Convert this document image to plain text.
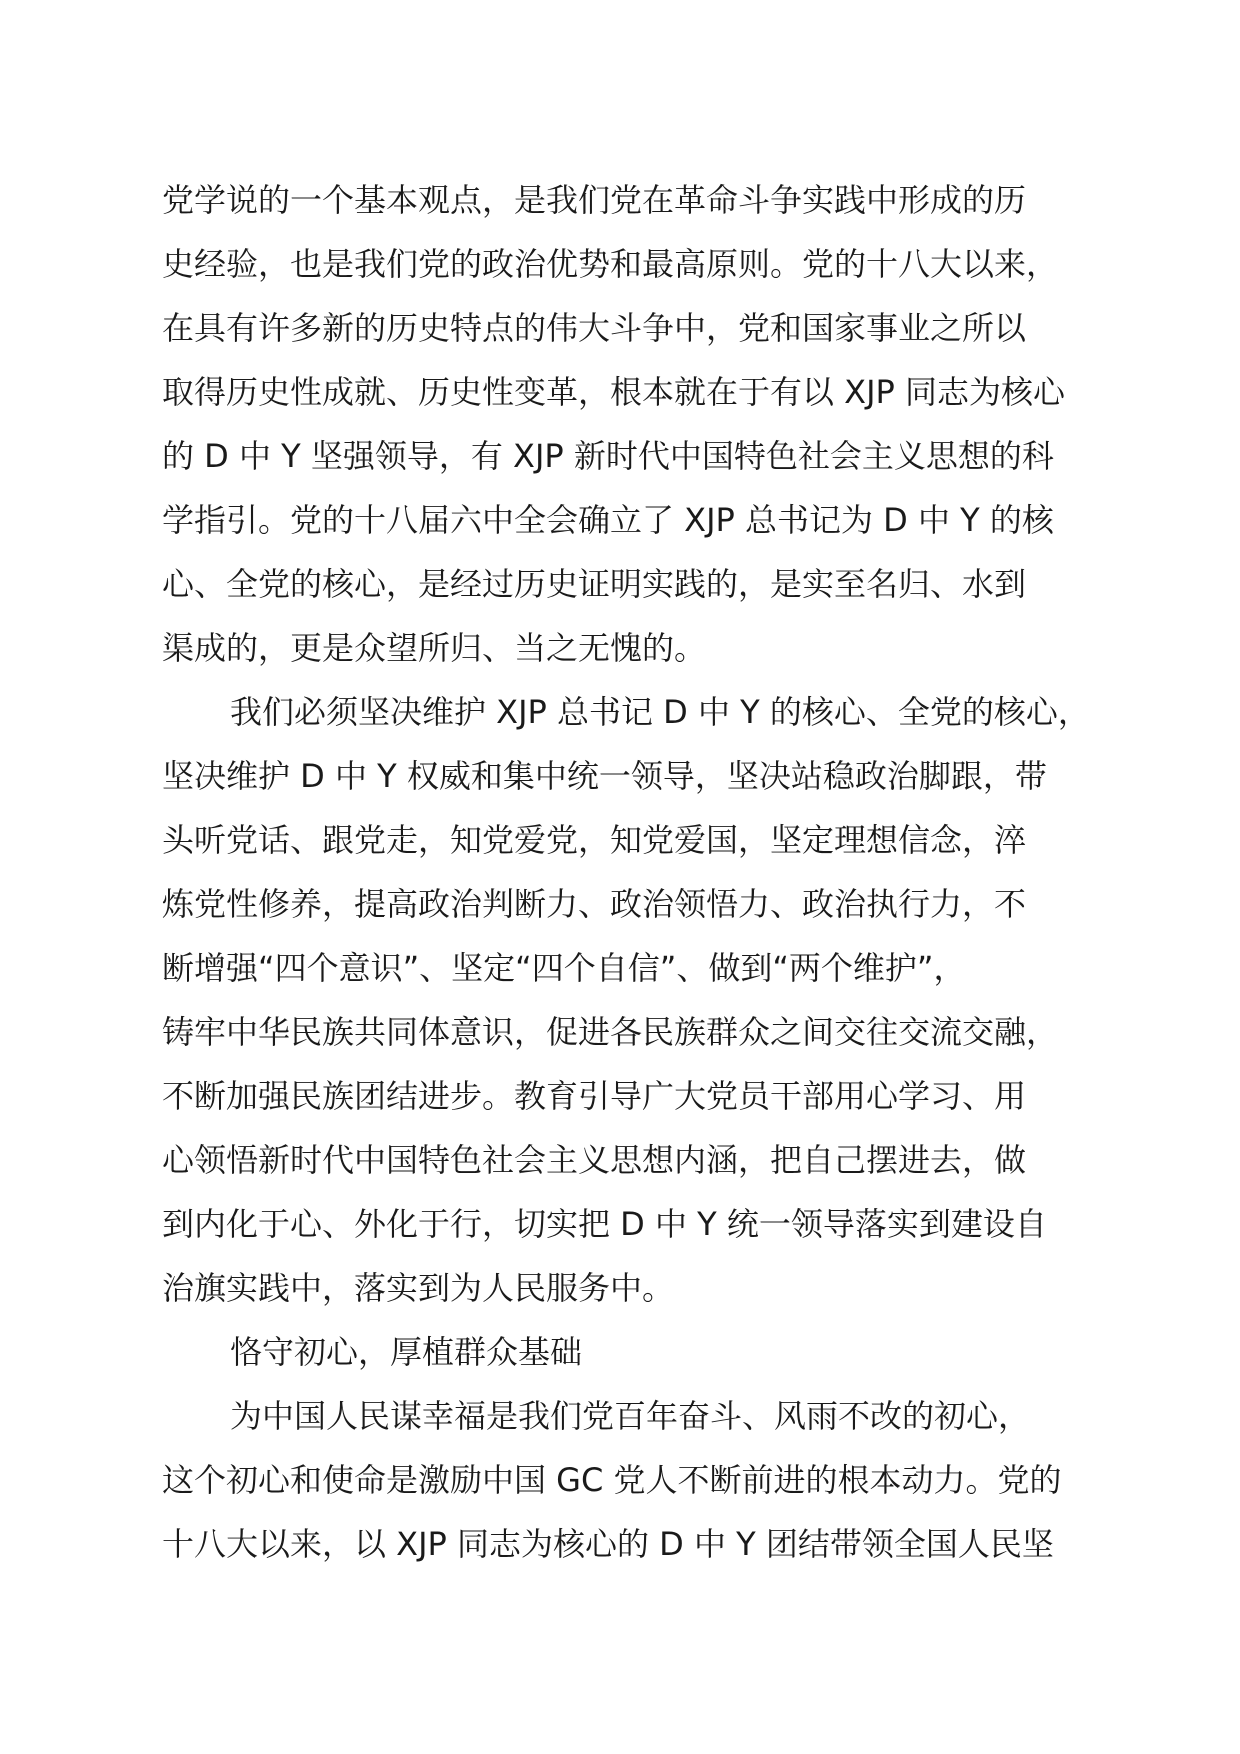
党学说的一个基本观点，是我们党在革命斗争实践中形成的历
史经验，也是我们党的政治优势和最高原则。党的十八大以来，
在具有许多新的历史特点的伟大斗争中，党和国家事业之所以
取得历史性成就、历史性变革，根本就在于有以 XJP 同志为核心
的 D 中 Y 坚强领导，有 XJP 新时代中国特色社会主义思想的科
学指引。党的十八届六中全会确立了 XJP 总书记为 D 中 Y 的核
心、全党的核心，是经过历史证明实践的，是实至名归、水到
渠成的，更是众望所归、当之无愧的。
我们必须坚决维护 XJP 总书记 D 中 Y 的核心、全党的核心，
坚决维护 D 中 Y 权威和集中统一领导，坚决站稳政治脚跟，带
头听党话、跟党走，知党爱党，知党爱国，坚定理想信念，淬
炼党性修养，提高政治判断力、政治领悟力、政治执行力，不
断增强“四个意识”、坚定“四个自信”、做到“两个维护”，
铸牢中华民族共同体意识，促进各民族群众之间交往交流交融，
不断加强民族团结进步。教育引导广大党员干部用心学习、用
心领悟新时代中国特色社会主义思想内涵，把自己摆进去，做
到内化于心、外化于行，切实把 D 中 Y 统一领导落实到建设自
治旗实践中，落实到为人民服务中。
恪守初心，厚植群众基础
为中国人民谋幸福是我们党百年奋斗、风雨不改的初心，
这个初心和使命是激励中国 GC 党人不断前进的根本动力。党的
十八大以来，以 XJP 同志为核心的 D 中 Y 团结带领全国人民坚
